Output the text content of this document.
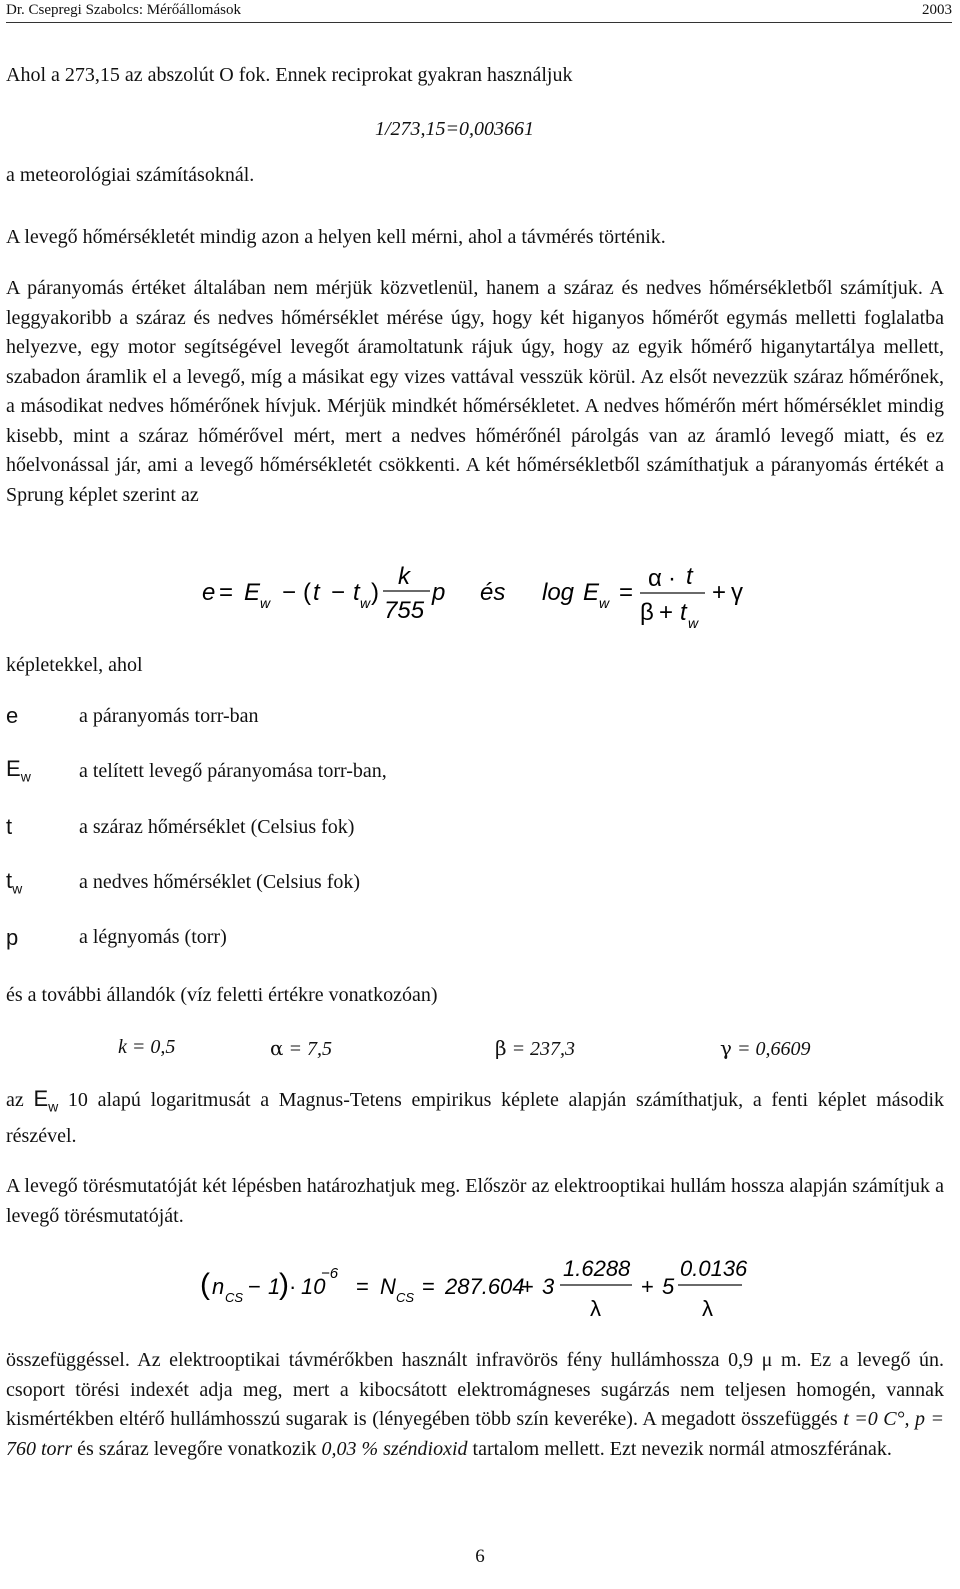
Dr. Csepregi Szabolcs: Mérőállomások	2003
Ahol a 273,15 az abszolút O fok. Ennek reciprokat gyakran használjuk
1/273,15=0,003661
a meteorológiai számításoknál.
A levegő hőmérsékletét mindig azon a helyen kell mérni, ahol a távmérés történik.
A páranyomás értéket általában nem mérjük közvetlenül, hanem a száraz és nedves hőmérsékletből számítjuk. A leggyakoribb a száraz és nedves hőmérséklet mérése úgy, hogy két higanyos hőmérőt egymás melletti foglalatba helyezve, egy motor segítségével levegőt áramoltatunk rájuk úgy, hogy az egyik hőmérő higanytartálya mellett, szabadon áramlik el a levegő, míg a másikat egy vizes vattával vesszük körül. Az elsőt nevezzük száraz hőmérőnek, a másodikat nedves hőmérőnek hívjuk. Mérjük mindkét hőmérsékletet. A nedves hőmérőn mért hőmérséklet mindig kisebb, mint a száraz hőmérővel mért, mert a nedves hőmérőnél párolgás van az áramló levegő miatt, és ez hőelvonással jár, ami a levegő hőmérsékletét csökkenti. A két hőmérsékletből számíthatjuk a páranyomás értékét a Sprung képlet szerint az
e = E w − ( t − t w )
k
755
p és log E w =
α · t
β + t w
+ γ
képletekkel, ahol
e	a páranyomás torr-ban
$E_w$ a telített levegő páranyomása torr-ban,
t	a száraz hőmérséklet (Celsius fok)
$t_w$	a nedves hőmérséklet (Celsius fok)
p	a légnyomás (torr)
és a további állandók (víz feletti értékre vonatkozóan)
k = 0,5	α = 7,5	β = 237,3	γ = 0,6609
az $E_w$ 10 alapú logaritmusát a Magnus-Tetens empirikus képlete alapján számíthatjuk, a fenti képlet második részével.
A levegő törésmutatóját két lépésben határozhatjuk meg. Először az elektrooptikai hullám hossza alapján számítjuk a levegő törésmutatóját.
( n CS − 1
) · 10
−6
= N CS = 287.604
+ 3
1.6288
λ
+ 5
0.0136
λ
összefüggéssel. Az elektrooptikai távmérőkben használt infravörös fény hullámhossza 0,9 μ m. Ez a levegő ún. csoport törési indexét adja meg, mert a kibocsátott elektromágneses sugárzás nem teljesen homogén, vannak kismértékben eltérő hullámhosszú sugarak is (lényegében több szín keveréke). A megadott összefüggés t =0 C°, p = 760 torr és száraz levegőre vonatkozik 0,03 % széndioxid tartalom mellett. Ezt nevezik normál atmoszférának.
6
